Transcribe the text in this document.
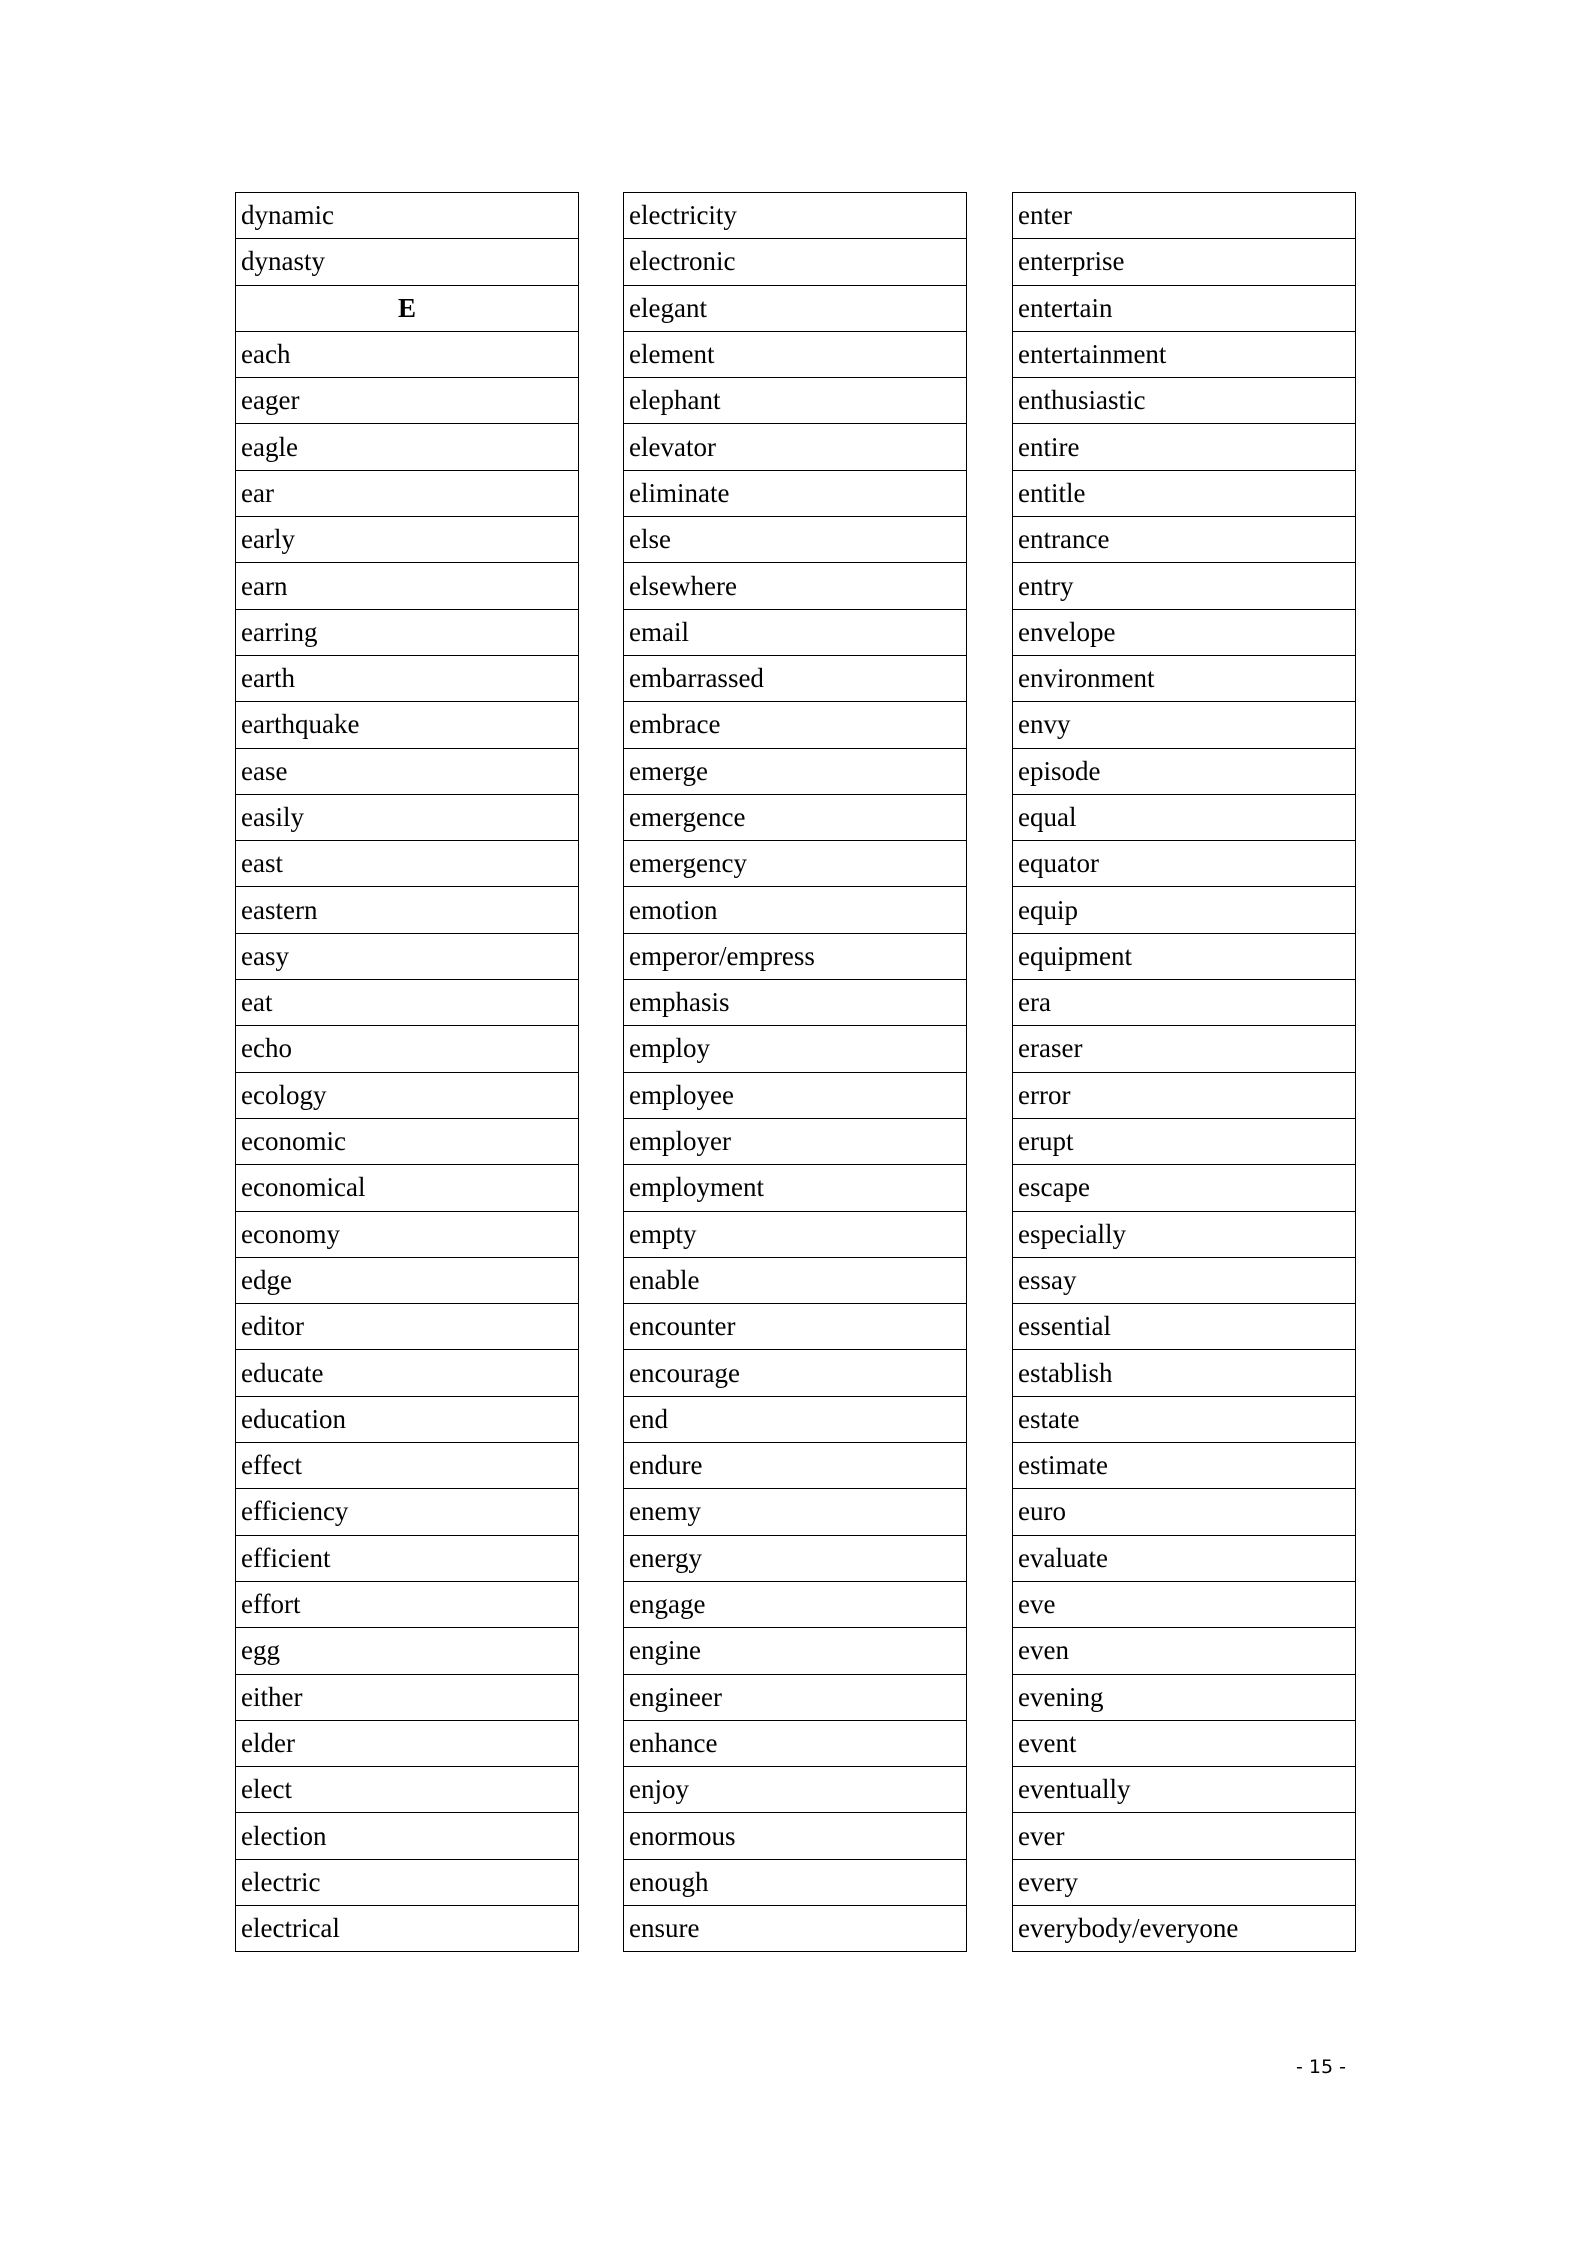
dynamic
dynasty
E
each
eager
eagle
ear
early
earn
earring
earth
earthquake
ease
easily
east
eastern
easy
eat
echo
ecology
economic
economical
economy
edge
editor
educate
education
effect
efficiency
efficient
effort
egg
either
elder
elect
election
electric
electrical
electricity
electronic
elegant
element
elephant
elevator
eliminate
else
elsewhere
email
embarrassed
embrace
emerge
emergence
emergency
emotion
emperor/empress
emphasis
employ
employee
employer
employment
empty
enable
encounter
encourage
end
endure
enemy
energy
engage
engine
engineer
enhance
enjoy
enormous
enough
ensure
enter
enterprise
entertain
entertainment
enthusiastic
entire
entitle
entrance
entry
envelope
environment
envy
episode
equal
equator
equip
equipment
era
eraser
error
erupt
escape
especially
essay
essential
establish
estate
estimate
euro
evaluate
eve
even
evening
event
eventually
ever
every
everybody/everyone
- 15 -
